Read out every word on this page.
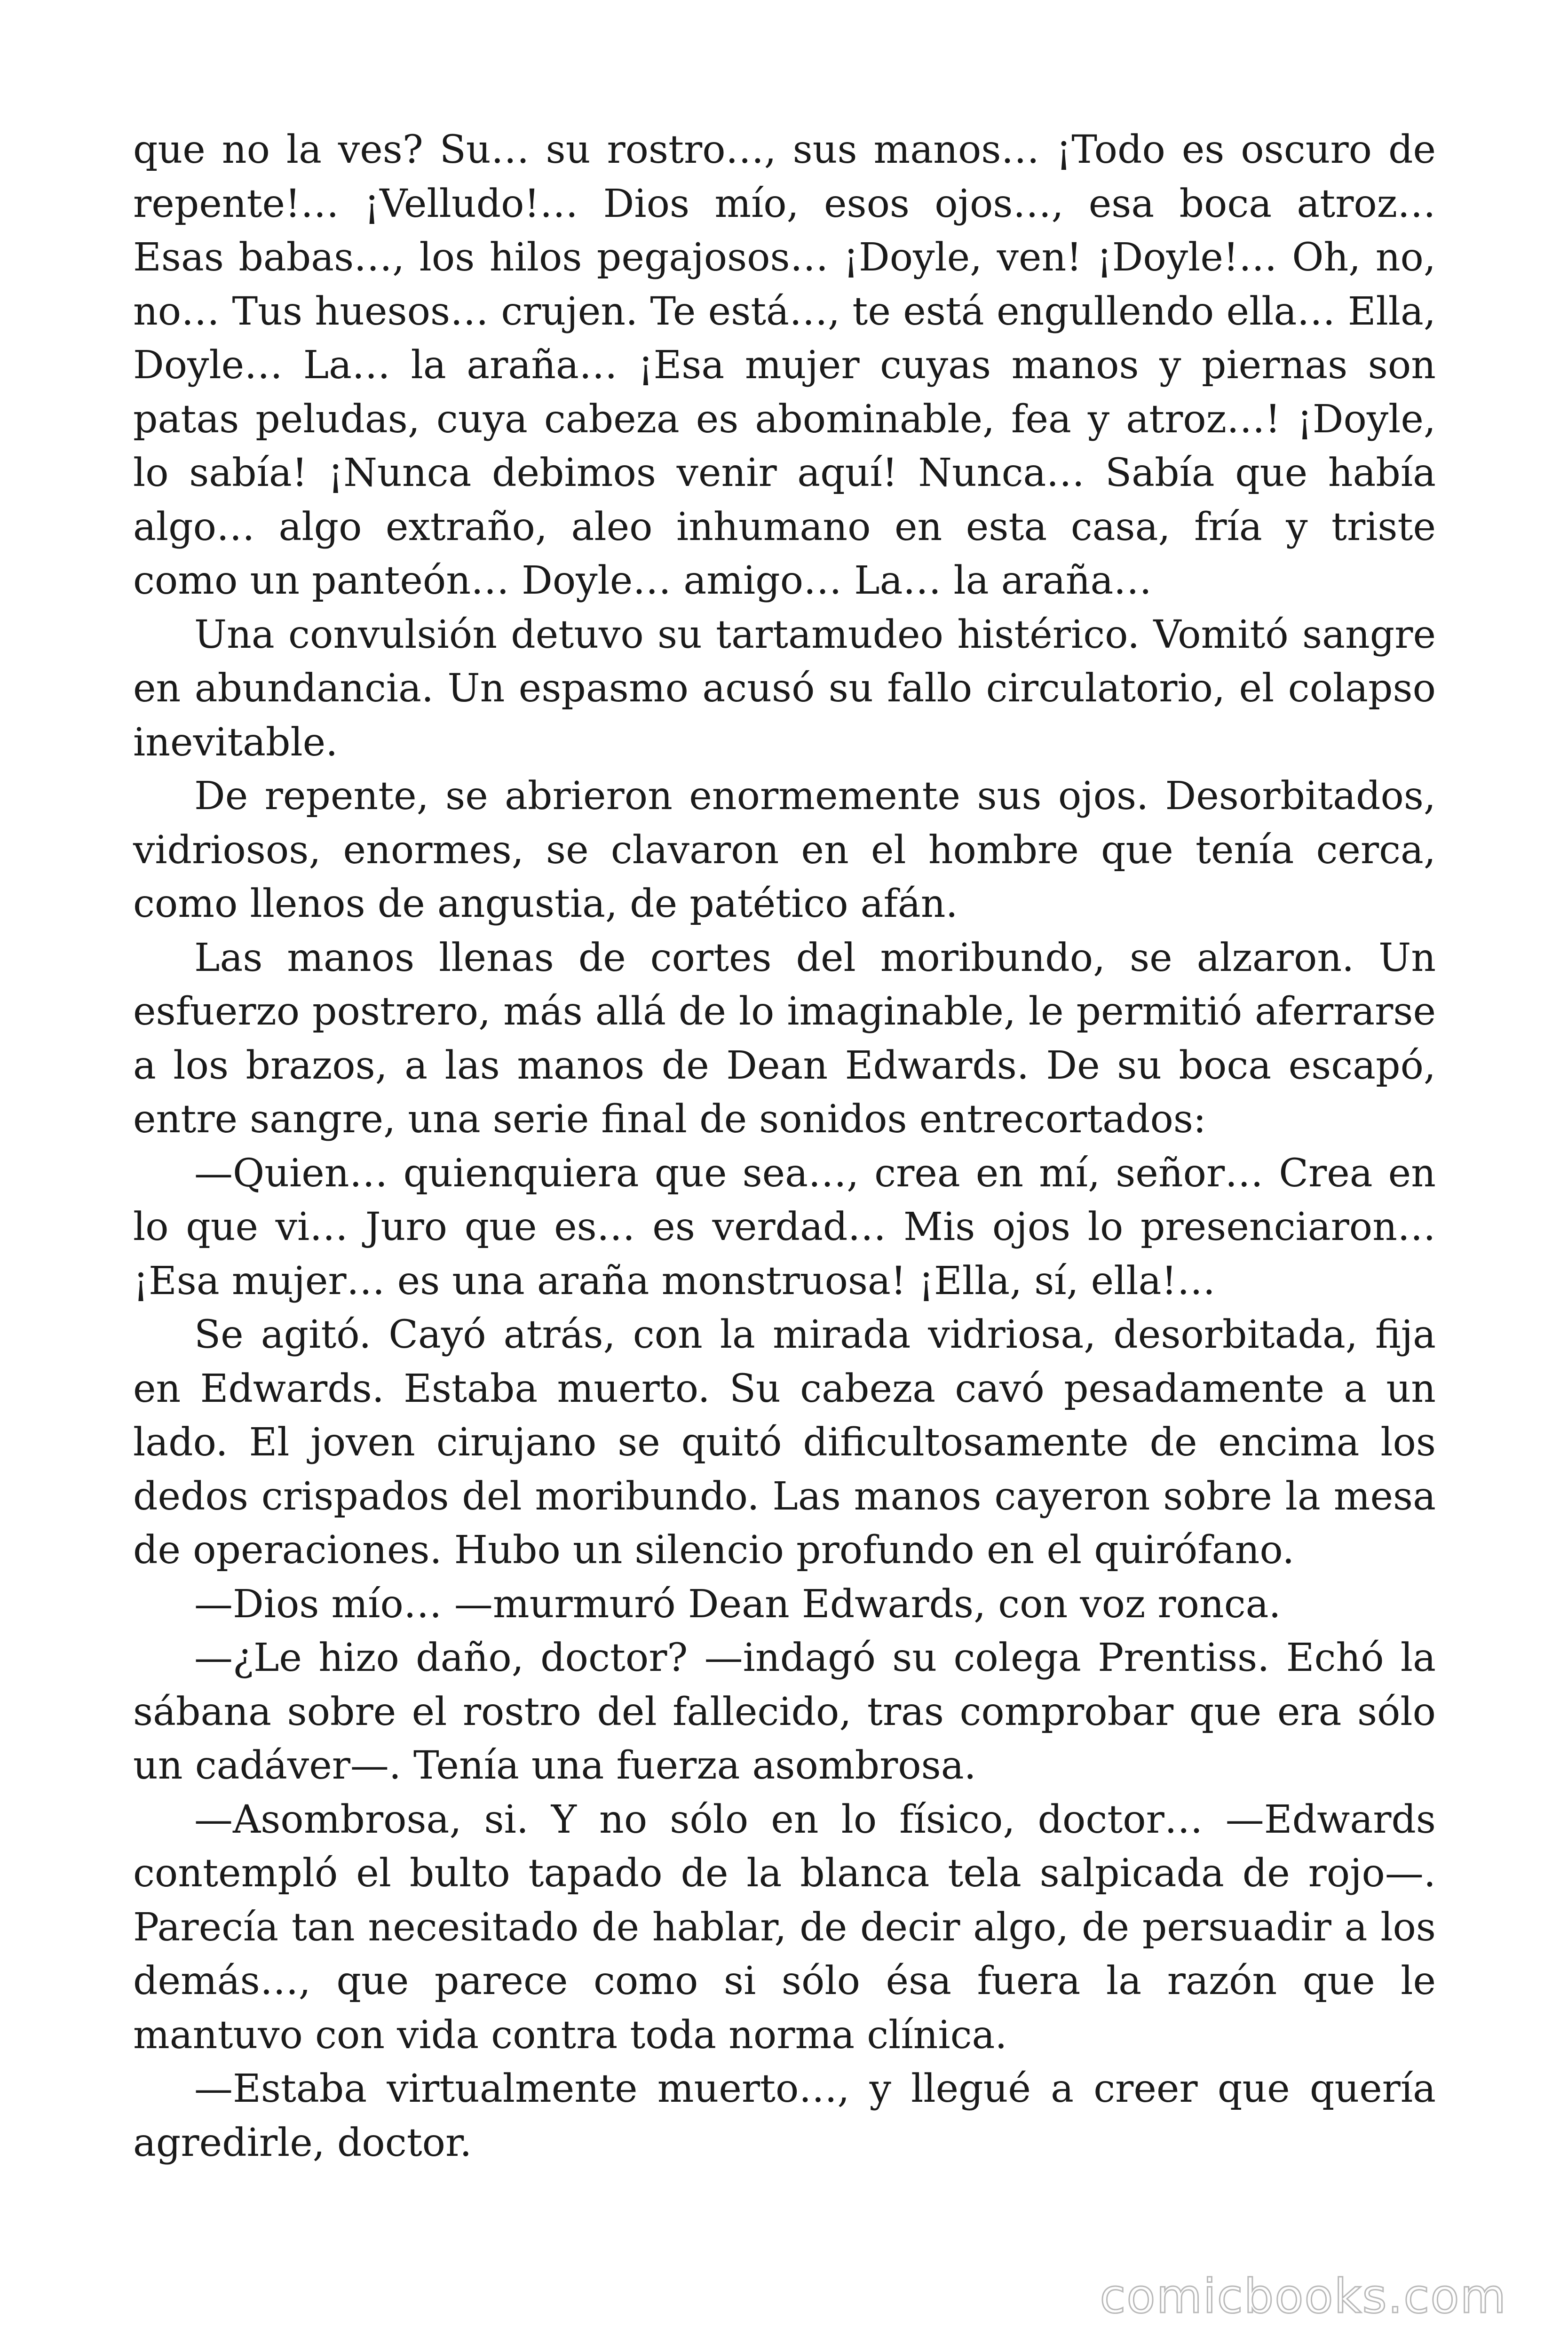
que no la ves? Su… su rostro…, sus manos… ¡Todo es oscuro de repente!… ¡Velludo!… Dios mío, esos ojos…, esa boca atroz… Esas babas…, los hilos pegajosos… ¡Doyle, ven! ¡Doyle!… Oh, no, no… Tus huesos… crujen. Te está…, te está engullendo ella… Ella, Doyle… La… la araña… ¡Esa mujer cuyas manos y piernas son patas peludas, cuya cabeza es abominable, fea y atroz…! ¡Doyle, lo sabía! ¡Nunca debimos venir aquí! Nunca… Sabía que había algo… algo extraño, aleo inhumano en esta casa, fría y triste como un panteón… Doyle… amigo… La… la araña…

Una convulsión detuvo su tartamudeo histérico. Vomitó sangre en abundancia. Un espasmo acusó su fallo circulatorio, el colapso inevitable.

De repente, se abrieron enormemente sus ojos. Desorbitados, vidriosos, enormes, se clavaron en el hombre que tenía cerca, como llenos de angustia, de patético afán.

Las manos llenas de cortes del moribundo, se alzaron. Un esfuerzo postrero, más allá de lo imaginable, le permitió aferrarse a los brazos, a las manos de Dean Edwards. De su boca escapó, entre sangre, una serie final de sonidos entrecortados:

—Quien… quienquiera que sea…, crea en mí, señor… Crea en lo que vi… Juro que es… es verdad… Mis ojos lo presenciaron… ¡Esa mujer… es una araña monstruosa! ¡Ella, sí, ella!…

Se agitó. Cayó atrás, con la mirada vidriosa, desorbitada, fija en Edwards. Estaba muerto. Su cabeza cavó pesadamente a un lado. El joven cirujano se quitó dificultosamente de encima los dedos crispados del moribundo. Las manos cayeron sobre la mesa de operaciones. Hubo un silencio profundo en el quirófano.

—Dios mío… —murmuró Dean Edwards, con voz ronca.

—¿Le hizo daño, doctor? —indagó su colega Prentiss. Echó la sábana sobre el rostro del fallecido, tras comprobar que era sólo un cadáver—. Tenía una fuerza asombrosa.

—Asombrosa, si. Y no sólo en lo físico, doctor… —Edwards contempló el bulto tapado de la blanca tela salpicada de rojo—. Parecía tan necesitado de hablar, de decir algo, de persuadir a los demás…, que parece como si sólo ésa fuera la razón que le mantuvo con vida contra toda norma clínica.

—Estaba virtualmente muerto…, y llegué a creer que quería agredirle, doctor.

comicbooks.com
